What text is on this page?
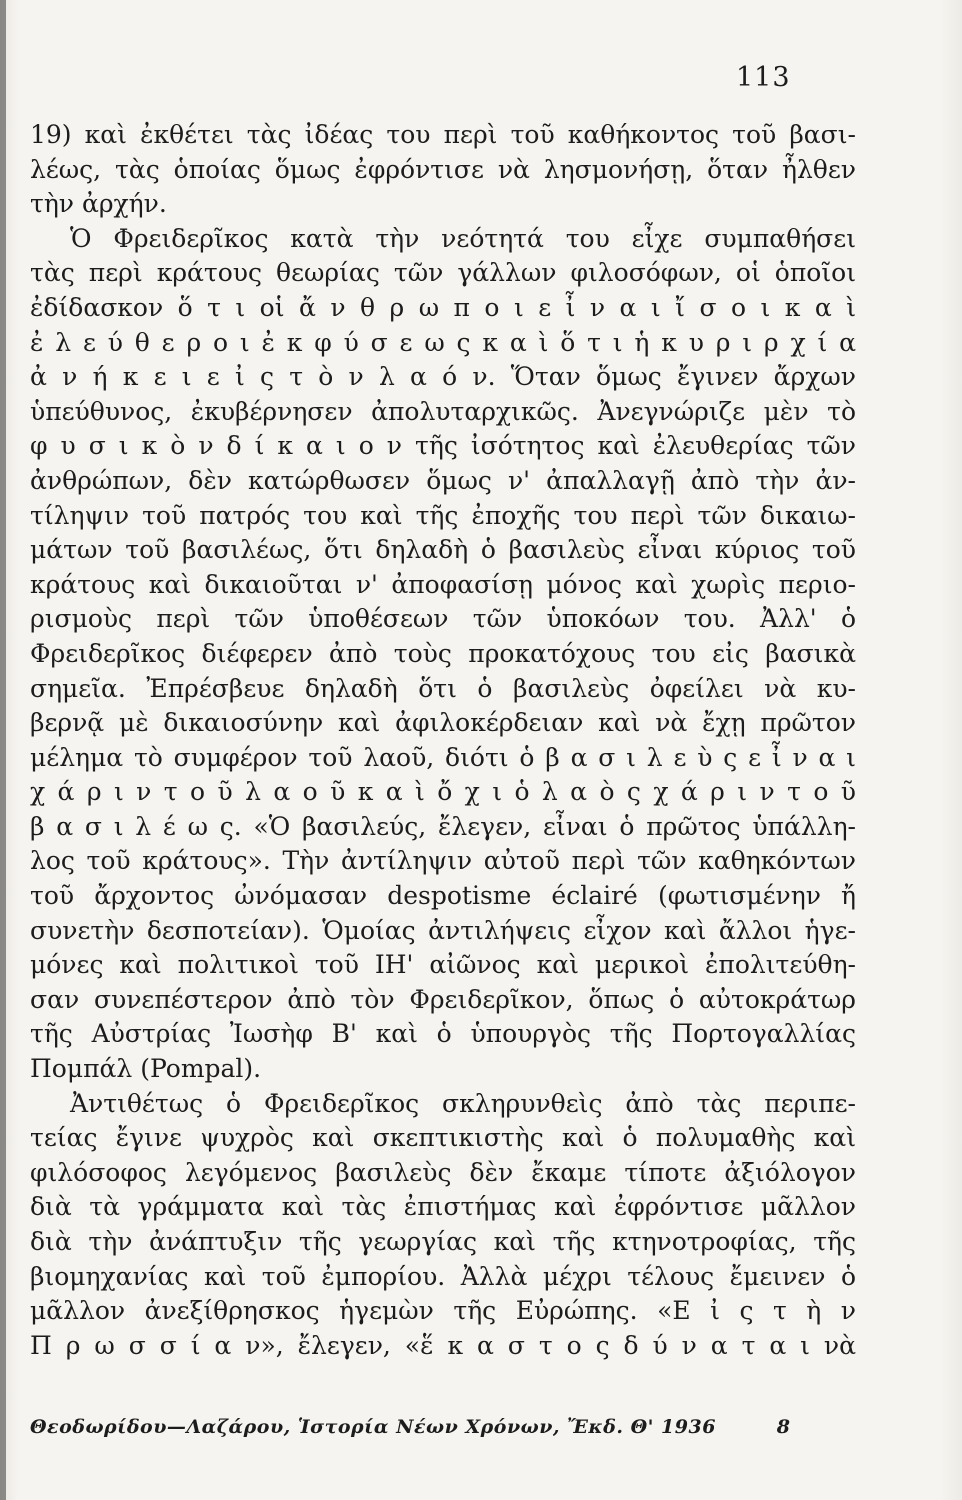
113
19) καὶ ἐκθέτει τὰς ἰδέας του περὶ τοῦ καθήκοντος τοῦ βασι-
λέως, τὰς ὁποίας ὅμως ἐφρόντισε νὰ λησμονήσῃ, ὅταν ἦλθεν
τὴν ἀρχήν.
Ὁ Φρειδερῖκος κατὰ τὴν νεότητά του εἶχε συμπαθήσει
τὰς περὶ κράτους θεωρίας τῶν γάλλων φιλοσόφων, οἱ ὁποῖοι
ἐδίδασκον ὅ τ ι οἱ ἄ ν θ ρ ω π ο ι ε ἶ ν α ι ἴ σ ο ι κ α ὶ
ἐ λ ε ύ θ ε ρ ο ι ἐ κ φ ύ σ ε ω ς κ α ὶ ὅ τ ι ἡ κ υ ρ ι ρ χ ί α
ἀ ν ή κ ε ι ε ἰ ς τ ὸ ν λ α ό ν. Ὅταν ὅμως ἔγινεν ἄρχων
ὑπεύθυνος, ἐκυβέρνησεν ἀπολυταρχικῶς. Ἀνεγνώριζε μὲν τὸ
φ υ σ ι κ ὸ ν δ ί κ α ι ο ν τῆς ἰσότητος καὶ ἐλευθερίας τῶν
ἀνθρώπων, δὲν κατώρθωσεν ὅμως ν' ἀπαλλαγῇ ἀπὸ τὴν ἀν-
τίληψιν τοῦ πατρός του καὶ τῆς ἐποχῆς του περὶ τῶν δικαιω-
μάτων τοῦ βασιλέως, ὅτι δηλαδὴ ὁ βασιλεὺς εἶναι κύριος τοῦ
κράτους καὶ δικαιοῦται ν' ἀποφασίσῃ μόνος καὶ χωρὶς περιο-
ρισμοὺς περὶ τῶν ὑποθέσεων τῶν ὑποκόων του. Ἀλλ' ὁ
Φρειδερῖκος διέφερεν ἀπὸ τοὺς προκατόχους του εἰς βασικὰ
σημεῖα. Ἐπρέσβευε δηλαδὴ ὅτι ὁ βασιλεὺς ὀφείλει νὰ κυ-
βερνᾷ μὲ δικαιοσύνην καὶ ἀφιλοκέρδειαν καὶ νὰ ἔχῃ πρῶτον
μέλημα τὸ συμφέρον τοῦ λαοῦ, διότι ὁ β α σ ι λ ε ὺ ς ε ἶ ν α ι
χ ά ρ ι ν τ ο ῦ λ α ο ῦ κ α ὶ ὄ χ ι ὁ λ α ὸ ς χ ά ρ ι ν τ ο ῦ
β α σ ι λ έ ω ς. «Ὁ βασιλεύς, ἔλεγεν, εἶναι ὁ πρῶτος ὑπάλλη-
λος τοῦ κράτους». Τὴν ἀντίληψιν αὐτοῦ περὶ τῶν καθηκόντων
τοῦ ἄρχοντος ὠνόμασαν despotisme éclairé (φωτισμένην ἤ
συνετὴν δεσποτείαν). Ὁμοίας ἀντιλήψεις εἶχον καὶ ἄλλοι ἡγε-
μόνες καὶ πολιτικοὶ τοῦ ΙΗ' αἰῶνος καὶ μερικοὶ ἐπολιτεύθη-
σαν συνεπέστερον ἀπὸ τὸν Φρειδερῖκον, ὅπως ὁ αὐτοκράτωρ
τῆς Αὐστρίας Ἰωσὴφ Β' καὶ ὁ ὑπουργὸς τῆς Πορτογαλλίας
Πομπάλ (Pompal).
Ἀντιθέτως ὁ Φρειδερῖκος σκληρυνθεὶς ἀπὸ τὰς περιπε-
τείας ἔγινε ψυχρὸς καὶ σκεπτικιστὴς καὶ ὁ πολυμαθὴς καὶ
φιλόσοφος λεγόμενος βασιλεὺς δὲν ἔκαμε τίποτε ἀξιόλογον
διὰ τὰ γράμματα καὶ τὰς ἐπιστήμας καὶ ἐφρόντισε μᾶλλον
διὰ τὴν ἀνάπτυξιν τῆς γεωργίας καὶ τῆς κτηνοτροφίας, τῆς
βιομηχανίας καὶ τοῦ ἐμπορίου. Ἀλλὰ μέχρι τέλους ἔμεινεν ὁ
μᾶλλον ἀνεξίθρησκος ἡγεμὼν τῆς Εὐρώπης. «Ε ἰ ς τ ὴ ν
Π ρ ω σ σ ί α ν», ἔλεγεν, «ἕ κ α σ τ ο ς δ ύ ν α τ α ι νὰ
Θεοδωρίδου—Λαζάρου, Ἱστορία Νέων Χρόνων, Ἔκδ. Θ' 1936	8
